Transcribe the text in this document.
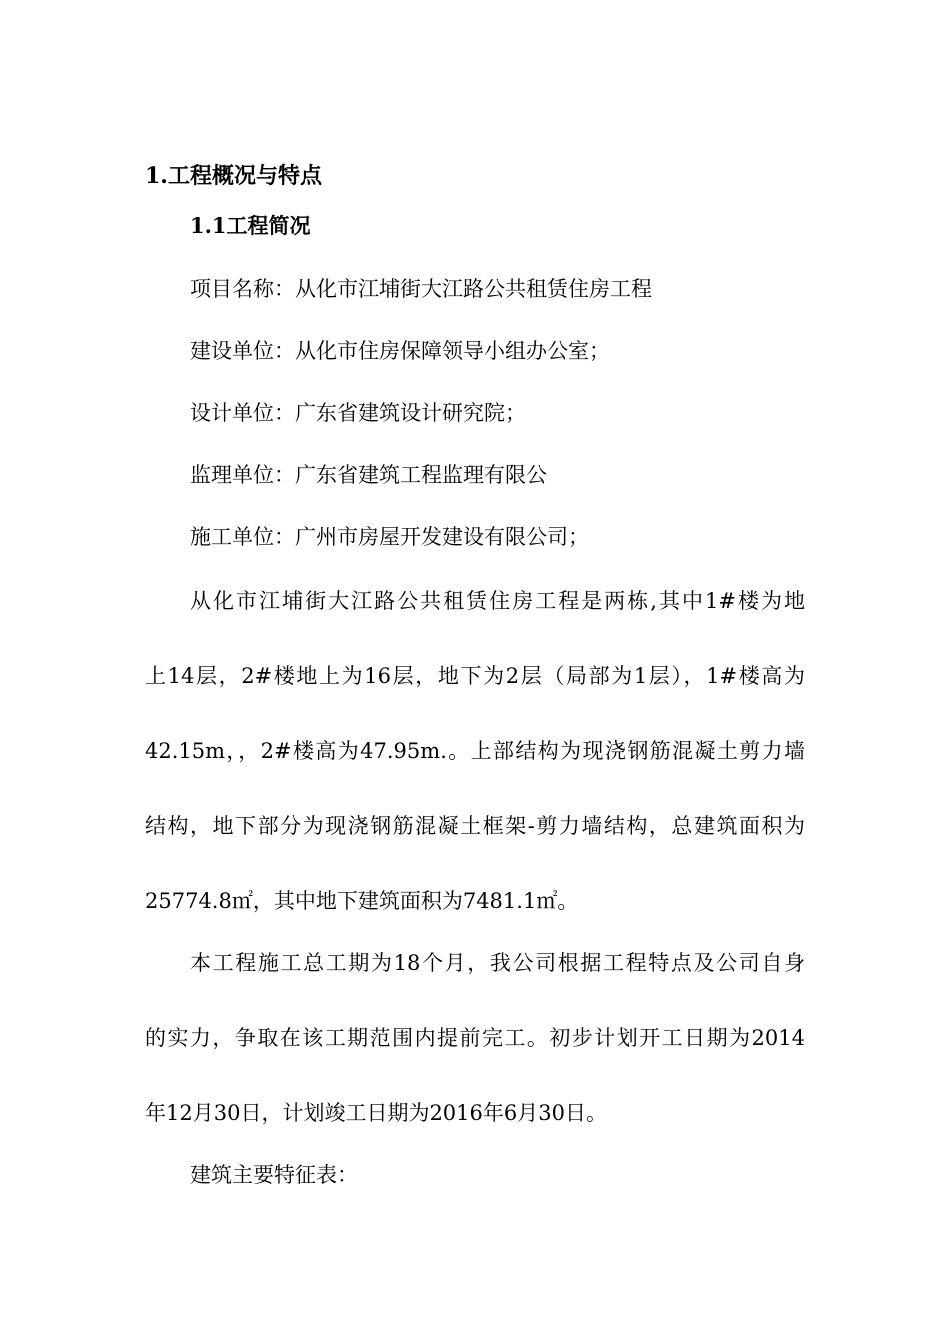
1.工程概况与特点
1.1工程简况
项目名称：从化市江埔街大江路公共租赁住房工程
建设单位：从化市住房保障领导小组办公室；
设计单位：广东省建筑设计研究院；
监理单位：广东省建筑工程监理有限公
施工单位：广州市房屋开发建设有限公司；
从化市江埔街大江路公共租赁住房工程是两栋,其中1#楼为地
上14层，2#楼地上为16层，地下为2层（局部为1层），1#楼高为
42.15m，，2#楼高为47.95m.。上部结构为现浇钢筋混凝土剪力墙
结构，地下部分为现浇钢筋混凝土框架-剪力墙结构，总建筑面积为
25774.8㎡，其中地下建筑面积为7481.1㎡。
本工程施工总工期为18个月，我公司根据工程特点及公司自身
的实力，争取在该工期范围内提前完工。初步计划开工日期为2014
年12月30日，计划竣工日期为2016年6月30日。
建筑主要特征表：
